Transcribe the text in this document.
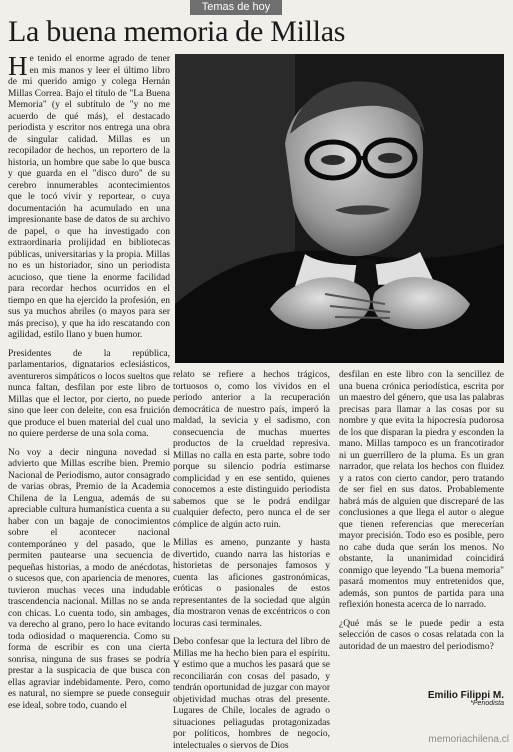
Temas de hoy
La buena memoria de Millas

He tenido el enorme agrado de tener en mis manos y leer el último libro de mi querido amigo y colega Hernán Millas Correa. Bajo el título de "La Buena Memoria" (y el subtítulo de "y no me acuerdo de qué más), el destacado periodista y escritor nos entrega una obra de singular calidad. Millas es un recopilador de hechos, un reportero de la historia, un hombre que sabe lo que busca y que guarda en el "disco duro" de su cerebro innumerables acontecimientos que le tocó vivir y reportear, o cuya documentación ha acumulado en una impresionante base de datos de su archivo de papel, o que ha investigado con extraordinaria prolijidad en bibliotecas públicas, universitarias y la propia. Millas no es un historiador, sino un periodista acucioso, que tiene la enorme facilidad para recordar hechos ocurridos en el tiempo en que ha ejercido la profesión, en sus ya muchos abriles (o mayos para ser más preciso), y que ha ido rescatando con agilidad, estilo llano y buen humor.

Presidentes de la república, parlamentarios, dignatarios eclesiásticos, aventureros simpáticos o locos sueltos que nunca faltan, desfilan por este libro de Millas que el lector, por cierto, no puede sino que leer con deleite, con esa fruición que produce el buen material del cual uno no quiere perderse de una sola coma.

No voy a decir ninguna novedad si advierto que Millas escribe bien. Premio Nacional de Periodismo, autor consagrado de varias obras, Premio de la Academia Chilena de la Lengua, además de su apreciable cultura humanística cuenta a su haber con un bagaje de conocimientos sobre el acontecer nacional contemporáneo y del pasado, que le permiten pautearse una secuencia de pequeñas historias, a modo de anécdotas, o sucesos que, con apariencia de menores, tuvieron muchas veces una indudable trascendencia nacional. Millas no se anda con chicas. Lo cuenta todo, sin ambages, va derecho al grano, pero lo hace evitando toda odiosidad o maquerencia. Como su forma de escribir es con una cierta sonrisa, ninguna de sus frases se podría prestar a la suspicacia de que busca con ellas agraviar indebidamente. Pero, como es natural, no siempre se puede conseguir ese ideal, sobre todo, cuando el

relato se refiere a hechos trágicos, tortuosos o, como los vividos en el período anterior a la recuperación democrática de nuestro país, imperó la maldad, la sevicia y el sadismo, con consecuencia de muchas muertes productos de la crueldad represiva. Millas no calla en esta parte, sobre todo porque su silencio podría estimarse complicidad y en ese sentido, quienes conocemos a este distinguido periodista sabemos que se le podrá endilgar cualquier defecto, pero nunca el de ser cómplice de algún acto ruin.

Millas es ameno, punzante y hasta divertido, cuando narra las historias e historietas de personajes famosos y cuenta las aficiones gastronómicas, eróticas o pasionales de estos representantes de la sociedad que algún día mostraron venas de excéntricos o con locuras casi terminales.

Debo confesar que la lectura del libro de Millas me ha hecho bien para el espíritu. Y estimo que a muchos les pasará que se reconciliarán con cosas del pasado, y tendrán oportunidad de juzgar con mayor objetividad muchas otras del presente. Lugares de Chile, locales de agrado o situaciones peliagudas protagonizadas por políticos, hombres de negocio, intelectuales o siervos de Dios

desfilan en este libro con la sencillez de una buena crónica periodística, escrita por un maestro del género, que usa las palabras precisas para llamar a las cosas por su nombre y que evita la hipocresía pudorosa de los que disparan la piedra y esconden la mano. Millas tampoco es un francotirador ni un guerrillero de la pluma. Es un gran narrador, que relata los hechos con fluidez y a ratos con cierto candor, pero tratando de ser fiel en sus datos. Probablemente habrá más de alguien que discreparé de las conclusiones a que llega el autor o alegue que tienen referencias que merecerían mayor precisión. Todo eso es posible, pero no cabe duda que serán los menos. No obstante, la unanimidad coincidirá conmigo que leyendo "La buena memoria" pasará momentos muy entretenidos que, además, son puntos de partida para una reflexión honesta acerca de lo narrado.

¿Qué más se le puede pedir a esta selección de casos o cosas relatada con la autoridad de un maestro del periodismo?

Emilio Filippi M.
*Periodista
memoriachilena.cl
